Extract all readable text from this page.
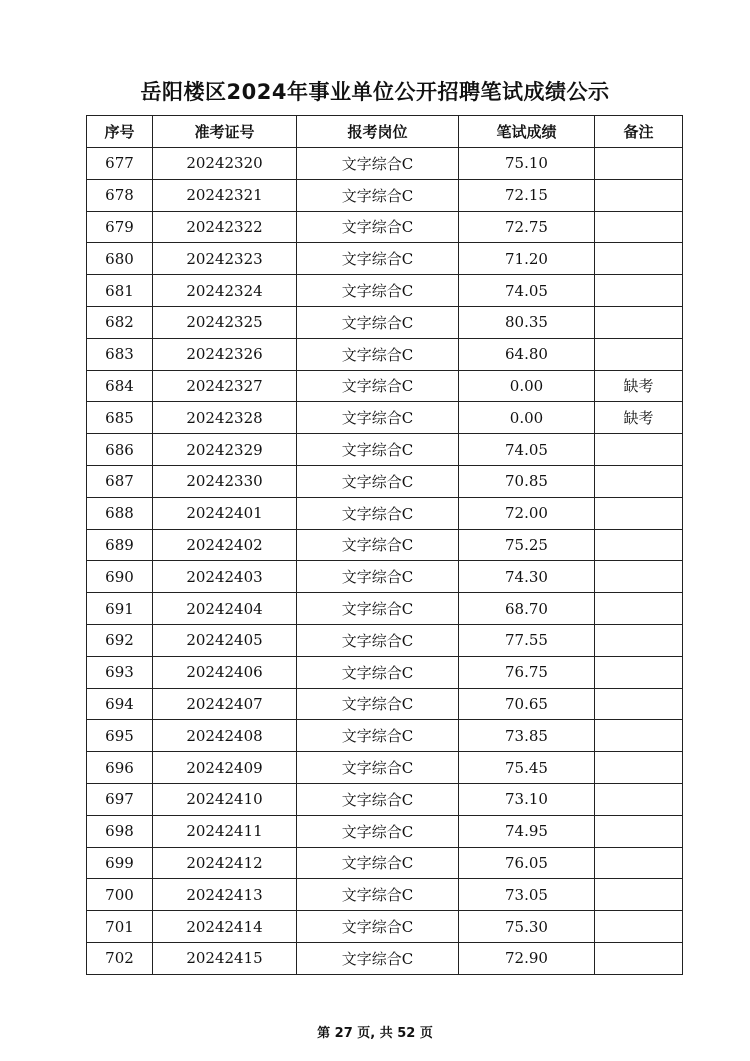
岳阳楼区2024年事业单位公开招聘笔试成绩公示
序号	准考证号	报考岗位	笔试成绩	备注
677	20242320	文字综合C	75.10	
678	20242321	文字综合C	72.15	
679	20242322	文字综合C	72.75	
680	20242323	文字综合C	71.20	
681	20242324	文字综合C	74.05	
682	20242325	文字综合C	80.35	
683	20242326	文字综合C	64.80	
684	20242327	文字综合C	0.00	缺考
685	20242328	文字综合C	0.00	缺考
686	20242329	文字综合C	74.05	
687	20242330	文字综合C	70.85	
688	20242401	文字综合C	72.00	
689	20242402	文字综合C	75.25	
690	20242403	文字综合C	74.30	
691	20242404	文字综合C	68.70	
692	20242405	文字综合C	77.55	
693	20242406	文字综合C	76.75	
694	20242407	文字综合C	70.65	
695	20242408	文字综合C	73.85	
696	20242409	文字综合C	75.45	
697	20242410	文字综合C	73.10	
698	20242411	文字综合C	74.95	
699	20242412	文字综合C	76.05	
700	20242413	文字综合C	73.05	
701	20242414	文字综合C	75.30	
702	20242415	文字综合C	72.90	
第 27 页, 共 52 页
